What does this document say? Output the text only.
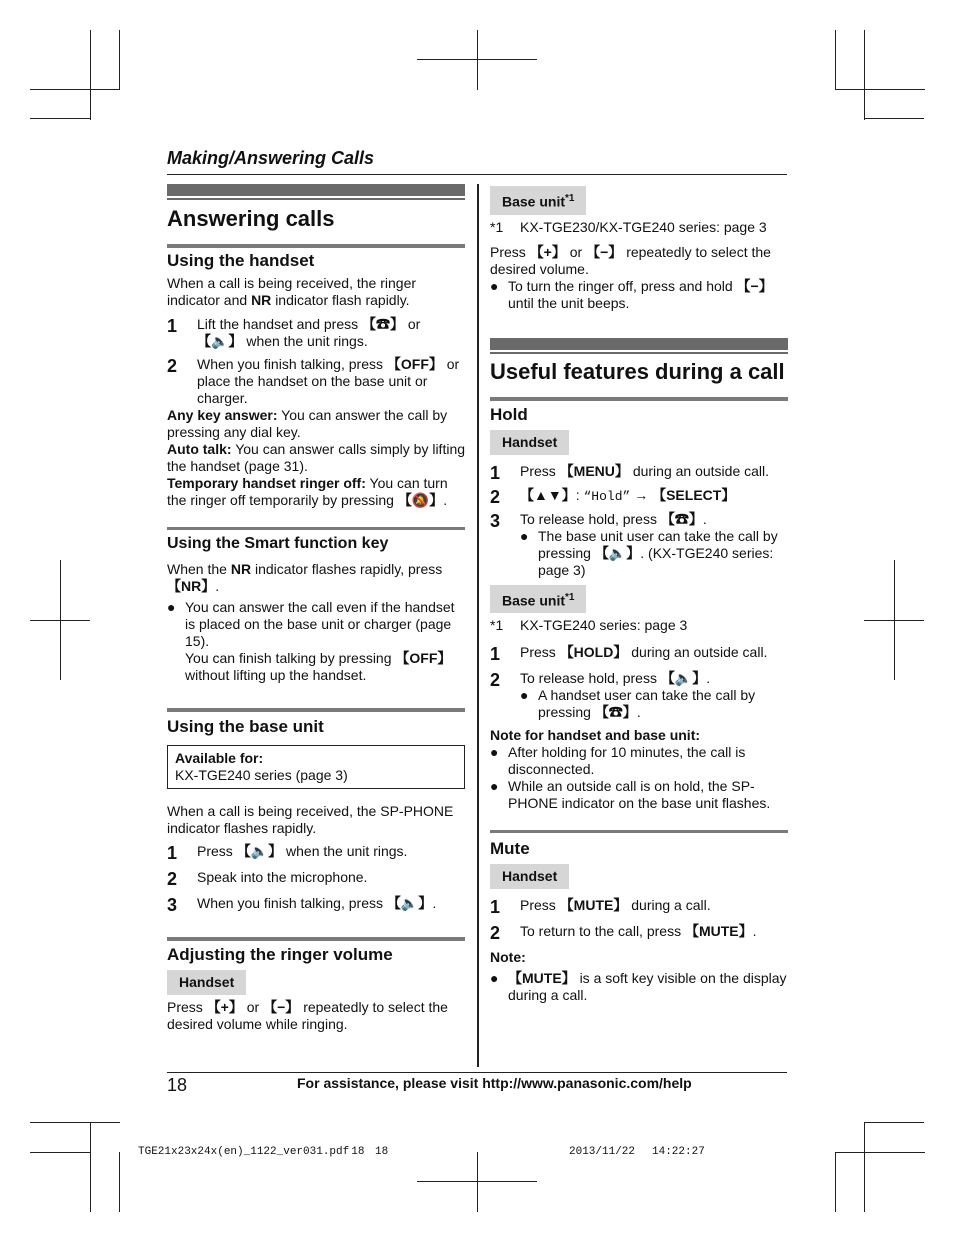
Making/Answering Calls
Answering calls
Using the handset

When a call is being received, the ringer
indicator and NR indicator flash rapidly.

1	Lift the handset and press 【☎】 or 【🔈】 when the unit rings.
2	When you finish talking, press 【OFF】 or place the handset on the base unit or charger.

Any key answer: You can answer the call by pressing any dial key.

Auto talk: You can answer calls simply by lifting the handset (page 31).

Temporary handset ringer off: You can turn the ringer off temporarily by pressing 【🔕】.

Using the Smart function key

When the NR indicator flashes rapidly, press
【NR】.

● You can answer the call even if the handset is placed on the base unit or charger (page 15).
You can finish talking by pressing 【OFF】 without lifting up the handset.
Using the base unit
Available for:
KX-TGE240 series (page 3)

When a call is being received, the SP-PHONE indicator flashes rapidly.

1	Press 【🔈】 when the unit rings.
2	Speak into the microphone.
3	When you finish talking, press 【🔈】.
Adjusting the ringer volume
Handset

Press 【+】 or 【−】 repeatedly to select the desired volume while ringing.

Base unit$^{*1}$
*1	KX-TGE230/KX-TGE240 series: page 3

Press 【+】 or 【−】 repeatedly to select the desired volume.

● To turn the ringer off, press and hold 【−】 until the unit beeps.
Useful features during a call
Hold
Handset
1	Press 【MENU】 during an outside call.
2	【▲▼】: “Hold” → 【SELECT】
3	To release hold, press 【☎】.
● The base unit user can take the call by pressing 【🔈】. (KX-TGE240 series: page 3)
Base unit$^{*1}$
*1	KX-TGE240 series: page 3
1	Press 【HOLD】 during an outside call.
2	To release hold, press 【🔈】.
● A handset user can take the call by pressing 【☎】.

Note for handset and base unit:

● After holding for 10 minutes, the call is disconnected.
● While an outside call is on hold, the SP-PHONE indicator on the base unit flashes.
Mute
Handset
1	Press 【MUTE】 during a call.
2	To return to the call, press 【MUTE】.

Note:

● 【MUTE】 is a soft key visible on the display during a call.
18	For assistance, please visit http://www.panasonic.com/help
TGE21x23x24x(en)_1122_ver031.pdf 18 18	2013/11/22 14:22:27
